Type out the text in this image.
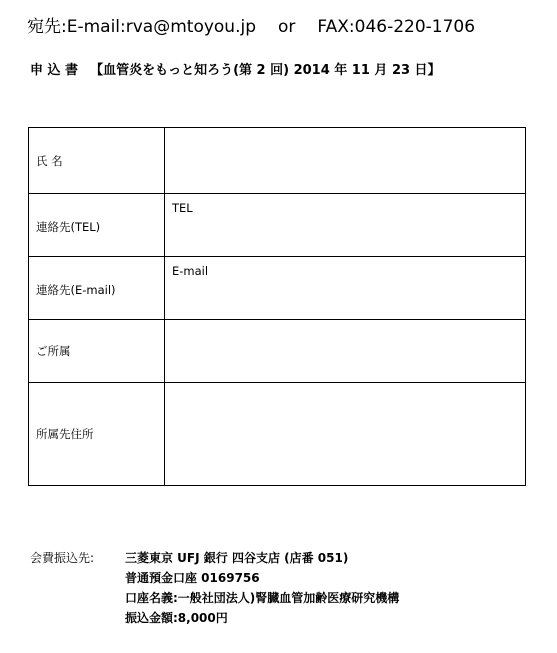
宛先:E-mail:rva@mtoyou.jp or FAX:046-220-1706
申 込 書 【血管炎をもっと知ろう(第 2 回) 2014 年 11 月 23 日】
氏 名	
連絡先(TEL)	TEL

連絡先(E-mail)	E-mail

ご所属	
所属先住所	
会費振込先:	三菱東京 UFJ 銀行 四谷支店 (店番 051)
普通預金口座 0169756
口座名義:一般社団法人)腎臓血管加齢医療研究機構
振込金額:8,000円
